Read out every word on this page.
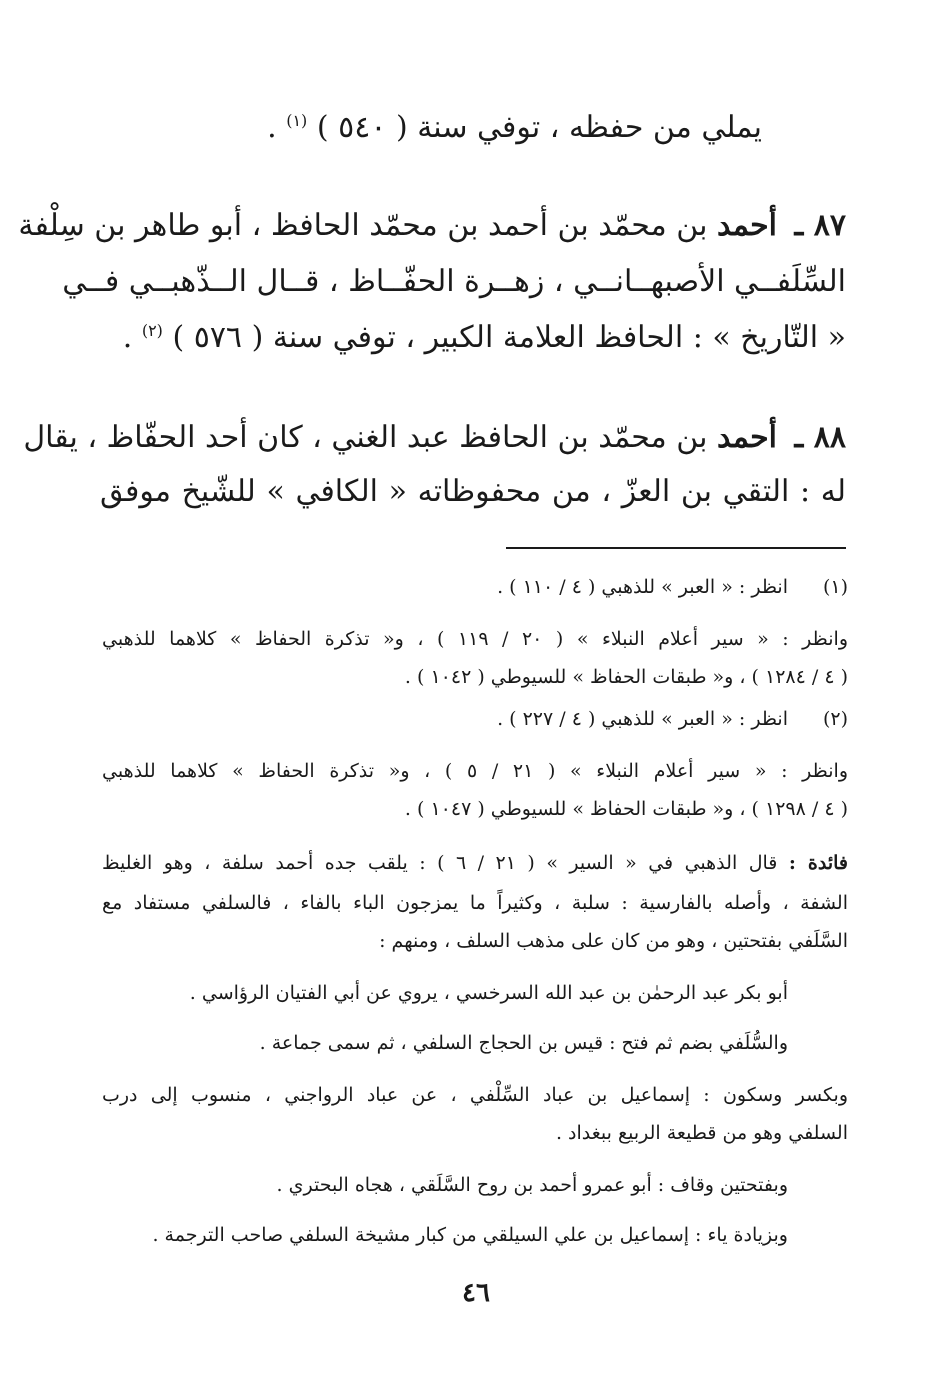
يملي من حفظه ، توفي سنة ( ٥٤٠ ) $^{(١)}$ .
٨٧ ـ أحمد بن محمّد بن أحمد بن محمّد الحافظ ، أبو طاهر بن سِلْفة
السِّلَفــي الأصبهــانــي ، زهــرة الحفّــاظ ، قــال الــذّهبــي فــي
« التّاريخ » : الحافظ العلامة الكبير ، توفي سنة ( ٥٧٦ ) $^{(٢)}$ .
٨٨ ـ أحمد بن محمّد بن الحافظ عبد الغني ، كان أحد الحفّاظ ، يقال
له : التقي بن العزّ ، من محفوظاته « الكافي » للشّيخ موفق
(١)
انظر : « العبر » للذهبي ( ٤ / ١١٠ ) .
وانظر : « سير أعلام النبلاء » ( ٢٠ / ١١٩ ) ، و« تذكرة الحفاظ » كلاهما للذهبي
( ٤ / ١٢٨٤ ) ، و« طبقات الحفاظ » للسيوطي ( ١٠٤٢ ) .
(٢)
انظر : « العبر » للذهبي ( ٤ / ٢٢٧ ) .
وانظر : « سير أعلام النبلاء » ( ٢١ / ٥ ) ، و« تذكرة الحفاظ » كلاهما للذهبي
( ٤ / ١٢٩٨ ) ، و« طبقات الحفاظ » للسيوطي ( ١٠٤٧ ) .
فائدة : قال الذهبي في « السير » ( ٢١ / ٦ ) : يلقب جده أحمد سلفة ، وهو الغليظ
الشفة ، وأصله بالفارسية : سلبة ، وكثيراً ما يمزجون الباء بالفاء ، فالسلفي مستفاد مع
السَّلَفي بفتحتين ، وهو من كان على مذهب السلف ، ومنهم :
أبو بكر عبد الرحمٰن بن عبد الله السرخسي ، يروي عن أبي الفتيان الرؤاسي .
والسُّلَفي بضم ثم فتح : قيس بن الحجاج السلفي ، ثم سمى جماعة .
وبكسر وسكون : إسماعيل بن عباد السِّلْفي ، عن عباد الرواجني ، منسوب إلى درب
السلفي وهو من قطيعة الربيع ببغداد .
وبفتحتين وقاف : أبو عمرو أحمد بن روح السَّلَقي ، هجاه البحتري .
وبزيادة ياء : إسماعيل بن علي السيلقي من كبار مشيخة السلفي صاحب الترجمة .
٤٦
